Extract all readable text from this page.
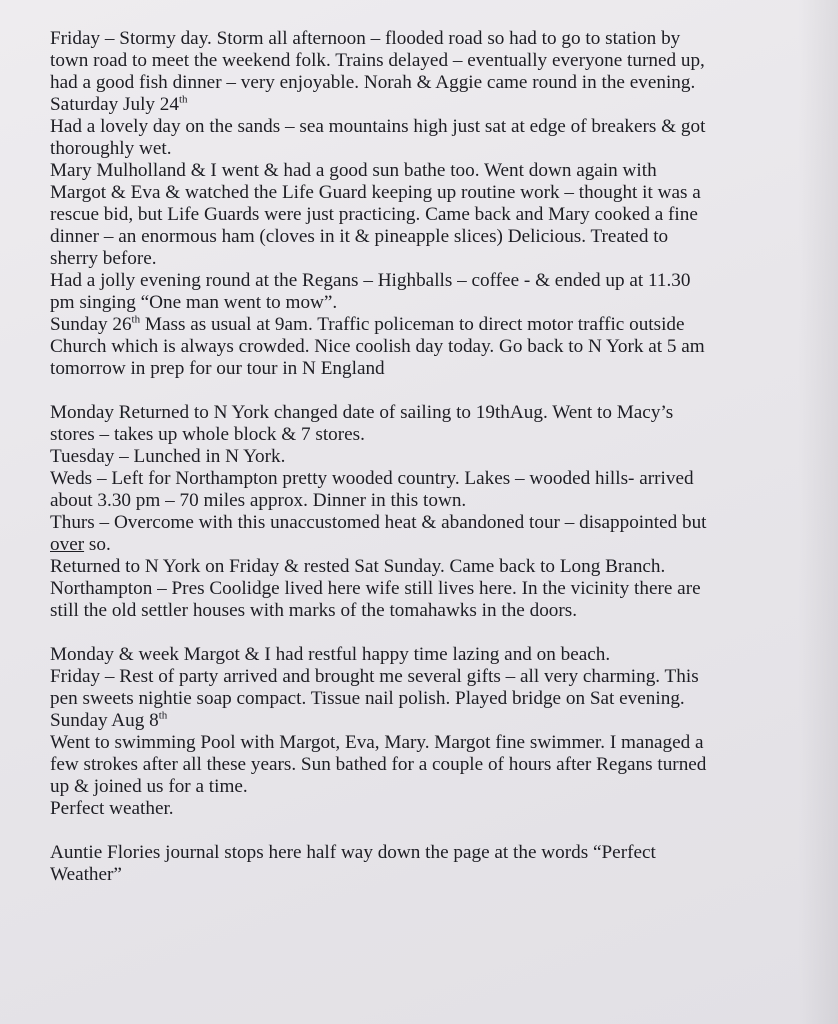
Friday – Stormy day. Storm all afternoon – flooded road so had to go to station by
town road to meet the weekend folk. Trains delayed – eventually everyone turned up,
had a good fish dinner – very enjoyable. Norah & Aggie came round in the evening.
Saturday July 24th
Had a lovely day on the sands – sea mountains high just sat at edge of breakers & got
thoroughly wet.
Mary Mulholland & I went & had a good sun bathe too. Went down again with
Margot & Eva & watched the Life Guard keeping up routine work – thought it was a
rescue bid, but Life Guards were just practicing. Came back and Mary cooked a fine
dinner – an enormous ham (cloves in it & pineapple slices) Delicious. Treated to
sherry before.
Had a jolly evening round at the Regans – Highballs – coffee - & ended up at 11.30
pm singing “One man went to mow”.
Sunday 26th Mass as usual at 9am. Traffic policeman to direct motor traffic outside
Church which is always crowded. Nice coolish day today. Go back to N York at 5 am
tomorrow in prep for our tour in N England
Monday Returned to N York changed date of sailing to 19thAug. Went to Macy’s
stores – takes up whole block & 7 stores.
Tuesday – Lunched in N York.
Weds – Left for Northampton pretty wooded country. Lakes – wooded hills- arrived
about 3.30 pm – 70 miles approx. Dinner in this town.
Thurs – Overcome with this unaccustomed heat & abandoned tour – disappointed but
over so.
Returned to N York on Friday & rested Sat Sunday. Came back to Long Branch.
Northampton – Pres Coolidge lived here wife still lives here. In the vicinity there are
still the old settler houses with marks of the tomahawks in the doors.
Monday & week Margot & I had restful happy time lazing and on beach.
Friday – Rest of party arrived and brought me several gifts – all very charming. This
pen sweets nightie soap compact. Tissue nail polish. Played bridge on Sat evening.
Sunday Aug 8th
Went to swimming Pool with Margot, Eva, Mary. Margot fine swimmer. I managed a
few strokes after all these years. Sun bathed for a couple of hours after Regans turned
up & joined us for a time.
Perfect weather.
Auntie Flories journal stops here half way down the page at the words “Perfect
Weather”
